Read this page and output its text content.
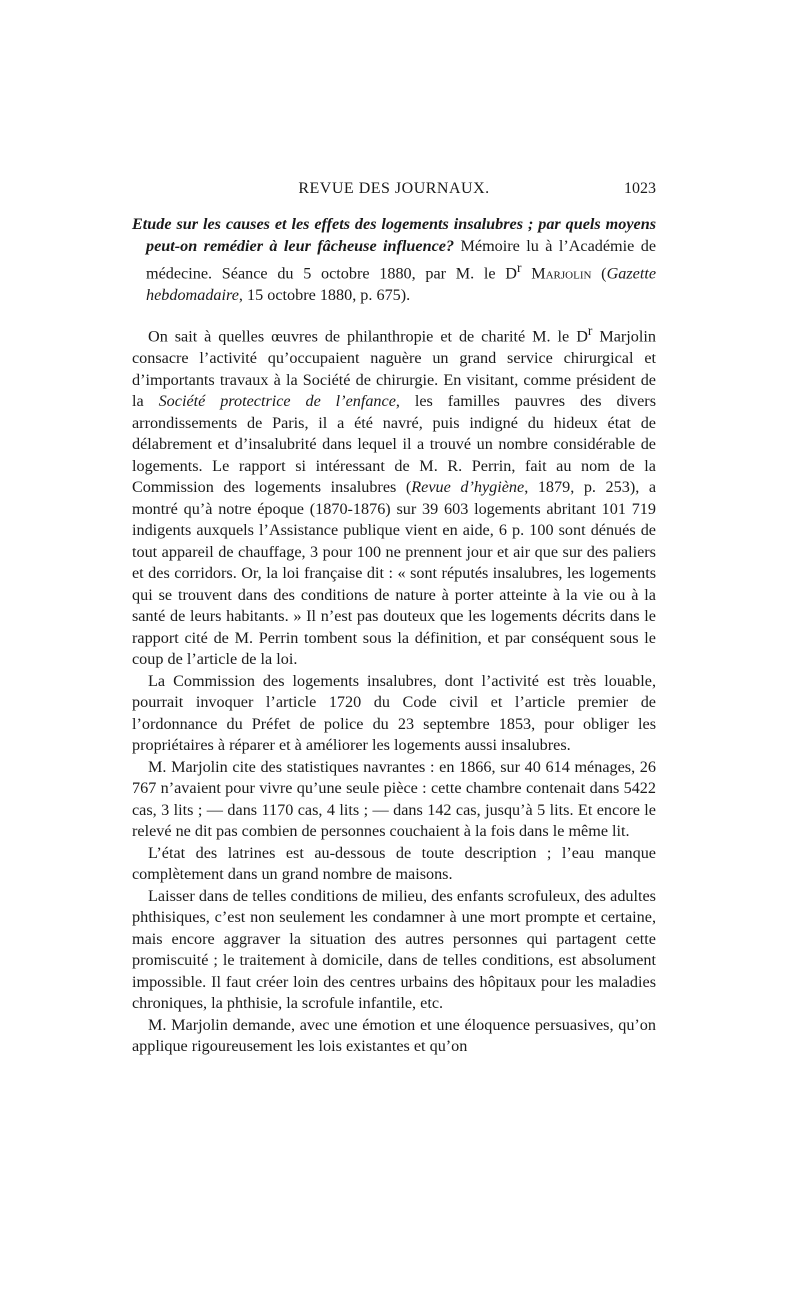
REVUE DES JOURNAUX.	1023

Etude sur les causes et les effets des logements insalubres ; par quels moyens peut-on remédier à leur fâcheuse influence? Mémoire lu à l’Académie de médecine. Séance du 5 octobre 1880, par M. le $D^r$ Marjolin (Gazette hebdomadaire, 15 octobre 1880, p. 675).

On sait à quelles œuvres de philanthropie et de charité M. le $D^r$ Marjolin consacre l’activité qu’occupaient naguère un grand service chirurgical et d’importants travaux à la Société de chirurgie. En visitant, comme président de la Société protectrice de l’enfance, les familles pauvres des divers arrondissements de Paris, il a été navré, puis indigné du hideux état de délabrement et d’insalubrité dans lequel il a trouvé un nombre considérable de logements. Le rapport si intéressant de M. R. Perrin, fait au nom de la Commission des logements insalubres (Revue d’hygiène, 1879, p. 253), a montré qu’à notre époque (1870-1876) sur 39 603 logements abritant 101 719 indigents auxquels l’Assistance publique vient en aide, 6 p. 100 sont dénués de tout appareil de chauffage, 3 pour 100 ne prennent jour et air que sur des paliers et des corridors. Or, la loi française dit : « sont réputés insalubres, les logements qui se trouvent dans des conditions de nature à porter atteinte à la vie ou à la santé de leurs habitants. » Il n’est pas douteux que les logements décrits dans le rapport cité de M. Perrin tombent sous la définition, et par conséquent sous le coup de l’article de la loi.

La Commission des logements insalubres, dont l’activité est très louable, pourrait invoquer l’article 1720 du Code civil et l’article premier de l’ordonnance du Préfet de police du 23 septembre 1853, pour obliger les propriétaires à réparer et à améliorer les logements aussi insalubres.

M. Marjolin cite des statistiques navrantes : en 1866, sur 40 614 ménages, 26 767 n’avaient pour vivre qu’une seule pièce : cette chambre contenait dans 5422 cas, 3 lits ; — dans 1170 cas, 4 lits ; — dans 142 cas, jusqu’à 5 lits. Et encore le relevé ne dit pas combien de personnes couchaient à la fois dans le même lit.

L’état des latrines est au-dessous de toute description ; l’eau manque complètement dans un grand nombre de maisons.

Laisser dans de telles conditions de milieu, des enfants scrofuleux, des adultes phthisiques, c’est non seulement les condamner à une mort prompte et certaine, mais encore aggraver la situation des autres personnes qui partagent cette promiscuité ; le traitement à domicile, dans de telles conditions, est absolument impossible. Il faut créer loin des centres urbains des hôpitaux pour les maladies chroniques, la phthisie, la scrofule infantile, etc.

M. Marjolin demande, avec une émotion et une éloquence persuasives, qu’on applique rigoureusement les lois existantes et qu’on
